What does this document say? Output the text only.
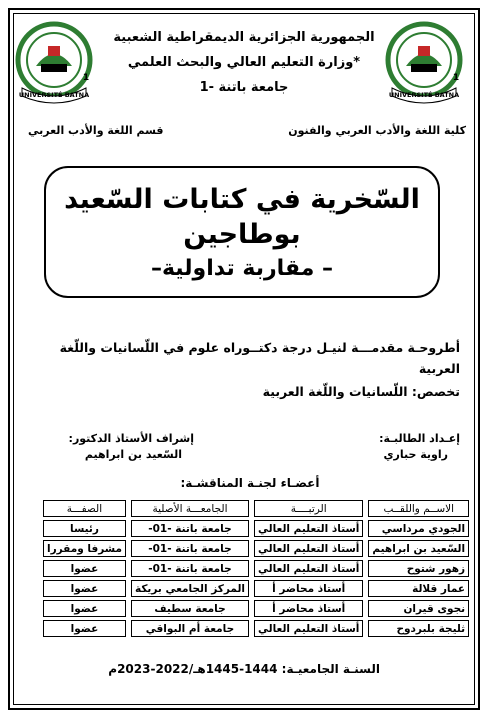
UNIVERSITÉ BATNA
1
UNIVERSITÉ BATNA
1
الجمهورية الجزائرية الديمقراطية الشعبية
*وزارة التعليم العالي والبحث العلمي
جامعة باتنة -1
كلية اللغة والأدب العربي والفنون
قسم اللغة والأدب العربي
السّخرية في كتابات السّعيد
بوطاجين
– مقاربة تداولية–
أطروحـة مقدمـــة لنيـل درجة دكتــوراه علوم في اللّسانيات واللّغة
العربية
تخصص: اللّسانيات واللّغة العربية
إعـداد الطالبـة:
راوية حباري
إشراف الأستاذ الدكتور:
السّعيد بن ابراهيم
أعضـاء لجنـة المناقشـة:
الاســم واللقــب	الرتبــــة	الجامعـــة الأصلية	الصفـــة
الجودي مرداسي	أستاذ التعليم العالي	جامعة باتنة -01-	رئيسا
السّعيد بن ابراهيم	أستاذ التعليم العالي	جامعة باتنة -01-	مشرفا ومقررا
زهور شتوح	أستاذ التعليم العالي	جامعة باتنة -01-	عضوا
عمار قلالة	أستاذ محاضر أ	المركز الجامعي بريكة	عضوا
نجوى قيران	أستاذ محاضر أ	جامعة سطيف	عضوا
ثليجة بلبردوح	أستاذ التعليم العالي	جامعة أم البواقي	عضوا
السنـة الجامعيـة: 1444-1445هـ/2022-2023م
